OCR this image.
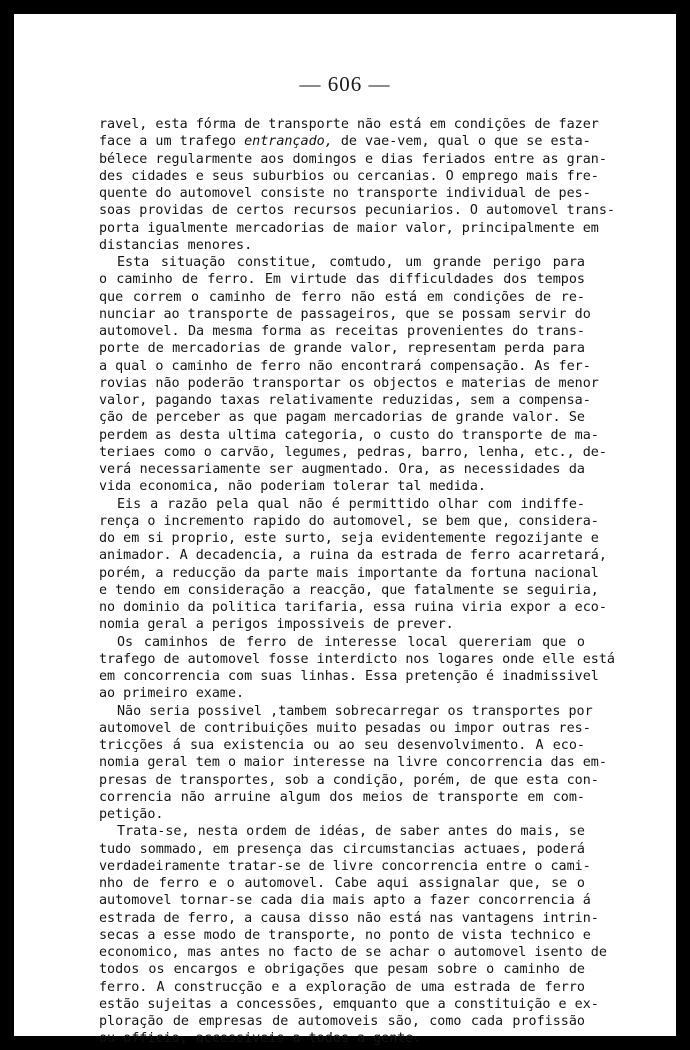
— 606 —
ravel, esta fórma de transporte não está em condições de fazer
face a um trafego entrançado, de vae-vem, qual o que se esta-
bélece regularmente aos domingos e dias feriados entre as gran-
des cidades e seus suburbios ou cercanias. O emprego mais fre-
quente do automovel consiste no transporte individual de pes-
soas providas de certos recursos pecuniarios. O automovel trans-
porta igualmente mercadorias de maior valor, principalmente em
distancias menores.
Esta situação constitue, comtudo, um grande perigo para
o caminho de ferro. Em virtude das difficuldades dos tempos
que correm o caminho de ferro não está em condições de re-
nunciar ao transporte de passageiros, que se possam servir do
automovel. Da mesma forma as receitas provenientes do trans-
porte de mercadorias de grande valor, representam perda para
a qual o caminho de ferro não encontrará compensação. As fer-
rovias não poderão transportar os objectos e materias de menor
valor, pagando taxas relativamente reduzidas, sem a compensa-
ção de perceber as que pagam mercadorias de grande valor. Se
perdem as desta ultima categoria, o custo do transporte de ma-
teriaes como o carvão, legumes, pedras, barro, lenha, etc., de-
verá necessariamente ser augmentado. Ora, as necessidades da
vida economica, não poderiam tolerar tal medida.
Eis a razão pela qual não é permittido olhar com indiffe-
rença o incremento rapido do automovel, se bem que, considera-
do em si proprio, este surto, seja evidentemente regozijante e
animador. A decadencia, a ruina da estrada de ferro acarretará,
porém, a reducção da parte mais importante da fortuna nacional
e tendo em consideração a reacção, que fatalmente se seguiria,
no dominio da politica tarifaria, essa ruina viria expor a eco-
nomia geral a perigos impossiveis de prever.
Os caminhos de ferro de interesse local quereriam que o
trafego de automovel fosse interdicto nos logares onde elle está
em concorrencia com suas linhas. Essa pretenção é inadmissivel
ao primeiro exame.
Não seria possivel ,tambem sobrecarregar os transportes por
automovel de contribuições muito pesadas ou impor outras res-
tricções á sua existencia ou ao seu desenvolvimento. A eco-
nomia geral tem o maior interesse na livre concorrencia das em-
presas de transportes, sob a condição, porém, de que esta con-
correncia não arruine algum dos meios de transporte em com-
petição.
Trata-se, nesta ordem de idéas, de saber antes do mais, se
tudo sommado, em presença das circumstancias actuaes, poderá
verdadeiramente tratar-se de livre concorrencia entre o cami-
nho de ferro e o automovel. Cabe aqui assignalar que, se o
automovel tornar-se cada dia mais apto a fazer concorrencia á
estrada de ferro, a causa disso não está nas vantagens intrin-
secas a esse modo de transporte, no ponto de vista technico e
economico, mas antes no facto de se achar o automovel isento de
todos os encargos e obrigações que pesam sobre o caminho de
ferro. A construcção e a exploração de uma estrada de ferro
estão sujeitas a concessões, emquanto que a constituição e ex-
ploração de empresas de automoveis são, como cada profissão
ou officio, accessiveis a todos a gente.
